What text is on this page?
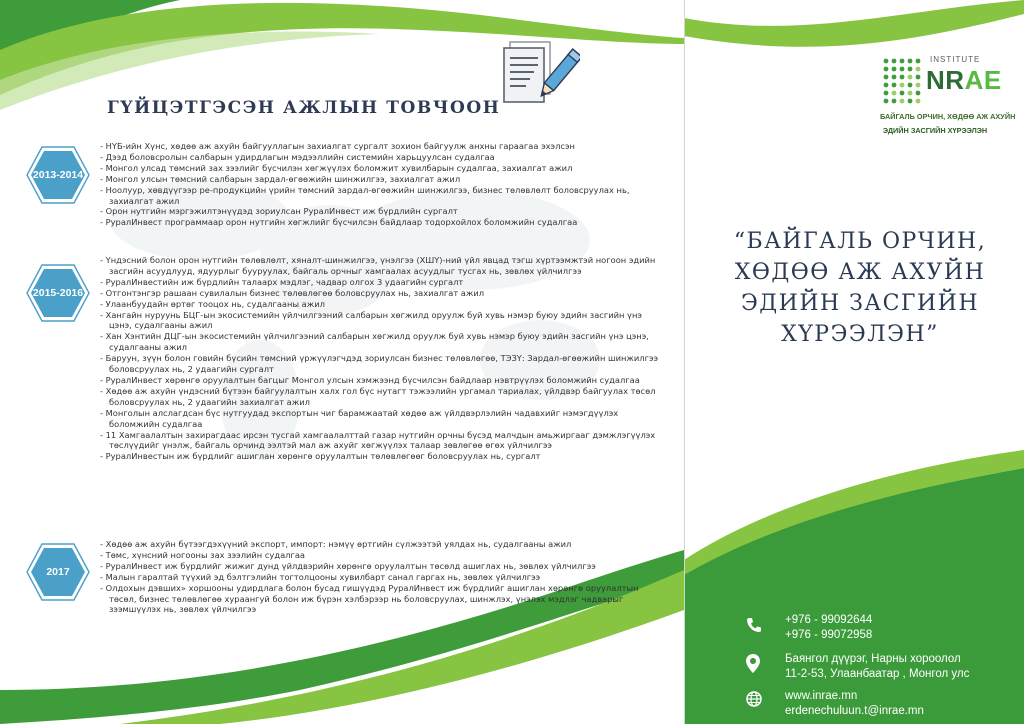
ГҮЙЦЭТГЭСЭН АЖЛЫН ТОВЧООН
2013-2014
2015-2016
2017
- НҮБ-ийн Хүнс, хөдөө аж ахуйн байгууллагын захиалгат сургалт зохион байгуулж анхны гараагаа эхэлсэн
- Дээд боловсролын салбарын удирдлагын мэдээллийн системийн харьцуулсан судалгаа
- Монгол улсад төмсний зах зээлийг бүсчилэн хөгжүүлэх боломжит хувилбарын судалгаа, захиалгат ажил
- Монгол улсын төмсний салбарын зардал-өгөөжийн шинжилгээ, захиалгат ажил
- Ноолуур, хөвдүүгээр ре-продукцийн үрийн төмсний зардал-өгөөжийн шинжилгээ, бизнес төлөвлөлт боловсруулах нь, захиалгат ажил
- Орон нутгийн мэргэжилтэнүүдэд зориулсан РуралИнвест иж бүрдлийн сургалт
- РуралИнвест программаар орон нутгийн хөгжлийг бүсчилсэн байдлаар тодорхойлох боломжийн судалгаа
- Үндэсний болон орон нутгийн төлөвлөлт, хяналт-шинжилгээ, үнэлгээ (ХШҮ)-ний үйл явцад тэгш хүртээмжтэй ногоон эдийн засгийн асуудлууд, ядуурлыг бууруулах, байгаль орчныг хамгаалах асуудлыг тусгах нь, зөвлөх үйлчилгээ
- РуралИнвестийн иж бүрдлийн талаарх мэдлэг, чадвар олгох 3 удаагийн сургалт
- Отгонтэнгэр рашаан сувилалын бизнес төлөвлөгөө боловсруулах нь, захиалгат ажил
- Улаанбуудайн өртөг тооцох нь, судалгааны ажил
- Хангайн нуруунь БЦГ-ын экосистемийн үйлчилгээний салбарын хөгжилд оруулж буй хувь нэмэр буюу эдийн засгийн үнэ цэнэ, судалгааны ажил
- Хан Хэнтийн ДЦГ-ын экосистемийн үйлчилгээний салбарын хөгжилд оруулж буй хувь нэмэр буюу эдийн засгийн үнэ цэнэ, судалгааны ажил
- Баруун, зүүн болон говийн бүсийн төмсний үржүүлэгчдэд зориулсан бизнес төлөвлөгөө, ТЭЗҮ: Зардал-өгөөжийн шинжилгээ боловсруулах нь, 2 удаагийн сургалт
- РуралИнвест хөрөнгө оруулалтын багцыг Монгол улсын хэмжээнд бүсчилсэн байдлаар нэвтрүүлэх боломжийн судалгаа
- Хөдөө аж ахуйн үндэсний бүтээн байгуулалтын халх гол бүс нутагт тэжээлийн ургамал тариалах, үйлдвэр байгуулах төсөл боловсруулах нь, 2 удаагийн захиалгат ажил
- Монголын алслагдсан бүс нутгуудад экспортын чиг барамжаатай хөдөө аж үйлдвэрлэлийн чадавхийг нэмэгдүүлэх боломжийн судалгаа
- 11 Хамгаалалтын захирагдаас ирсэн тусгай хамгаалалттай газар нутгийн орчны бүсэд малчдын амьжиргааг дэмжлэгүүлэх төслүүдийг үнэлж, байгаль орчинд ээлтэй мал аж ахуйг хөгжүүлэх талаар зөвлөгөө өгөх үйлчилгээ
- РуралИнвестын иж бүрдлийг ашиглан хөрөнгө оруулалтын төлөвлөгөөг боловсруулах нь, сургалт
- Хөдөө аж ахуйн бүтээгдэхүүний экспорт, импорт: нэмүү өртгийн сүлжээтэй уялдах нь, судалгааны ажил
- Төмс, хүнсний ногооны зах зээлийн судалгаа
- РуралИнвест иж бүрдлийг жижиг дунд үйлдвэрийн хөрөнгө оруулалтын төсөлд ашиглах нь, зөвлөх үйлчилгээ
- Малын гаралтай түүхий эд бэлтгэлийн тогтолцооны хувилбарт санал гаргах нь, зөвлөх үйлчилгээ
- Олдохын дэвших» хоршооны удирдлага болон бусад гишүүдэд РуралИнвест иж бүрдлийг ашиглан хөрөнгө оруулалтын төсөл, бизнес төлөвлөгөө хураангуй болон иж бүрэн хэлбэрээр нь боловсруулах, шинжлэх, үнэлэх мэдлэг чадварыг зээмшүүлэх нь, зөвлөх үйлчилгээ
INSTITUTE
NRAE
БАЙГАЛЬ ОРЧИН, ХӨДӨӨ АЖ АХУЙН
ЭДИЙН ЗАСГИЙН ХҮРЭЭЛЭН
“БАЙГАЛЬ ОРЧИН,
ХӨДӨӨ АЖ АХУЙН
ЭДИЙН ЗАСГИЙН
ХҮРЭЭЛЭН”
+976 - 99092644
+976 - 99072958
Баянгол дүүрэг, Нарны хороолол
11-2-53, Улаанбаатар , Монгол улс
www.inrae.mn
erdenechuluun.t@inrae.mn
